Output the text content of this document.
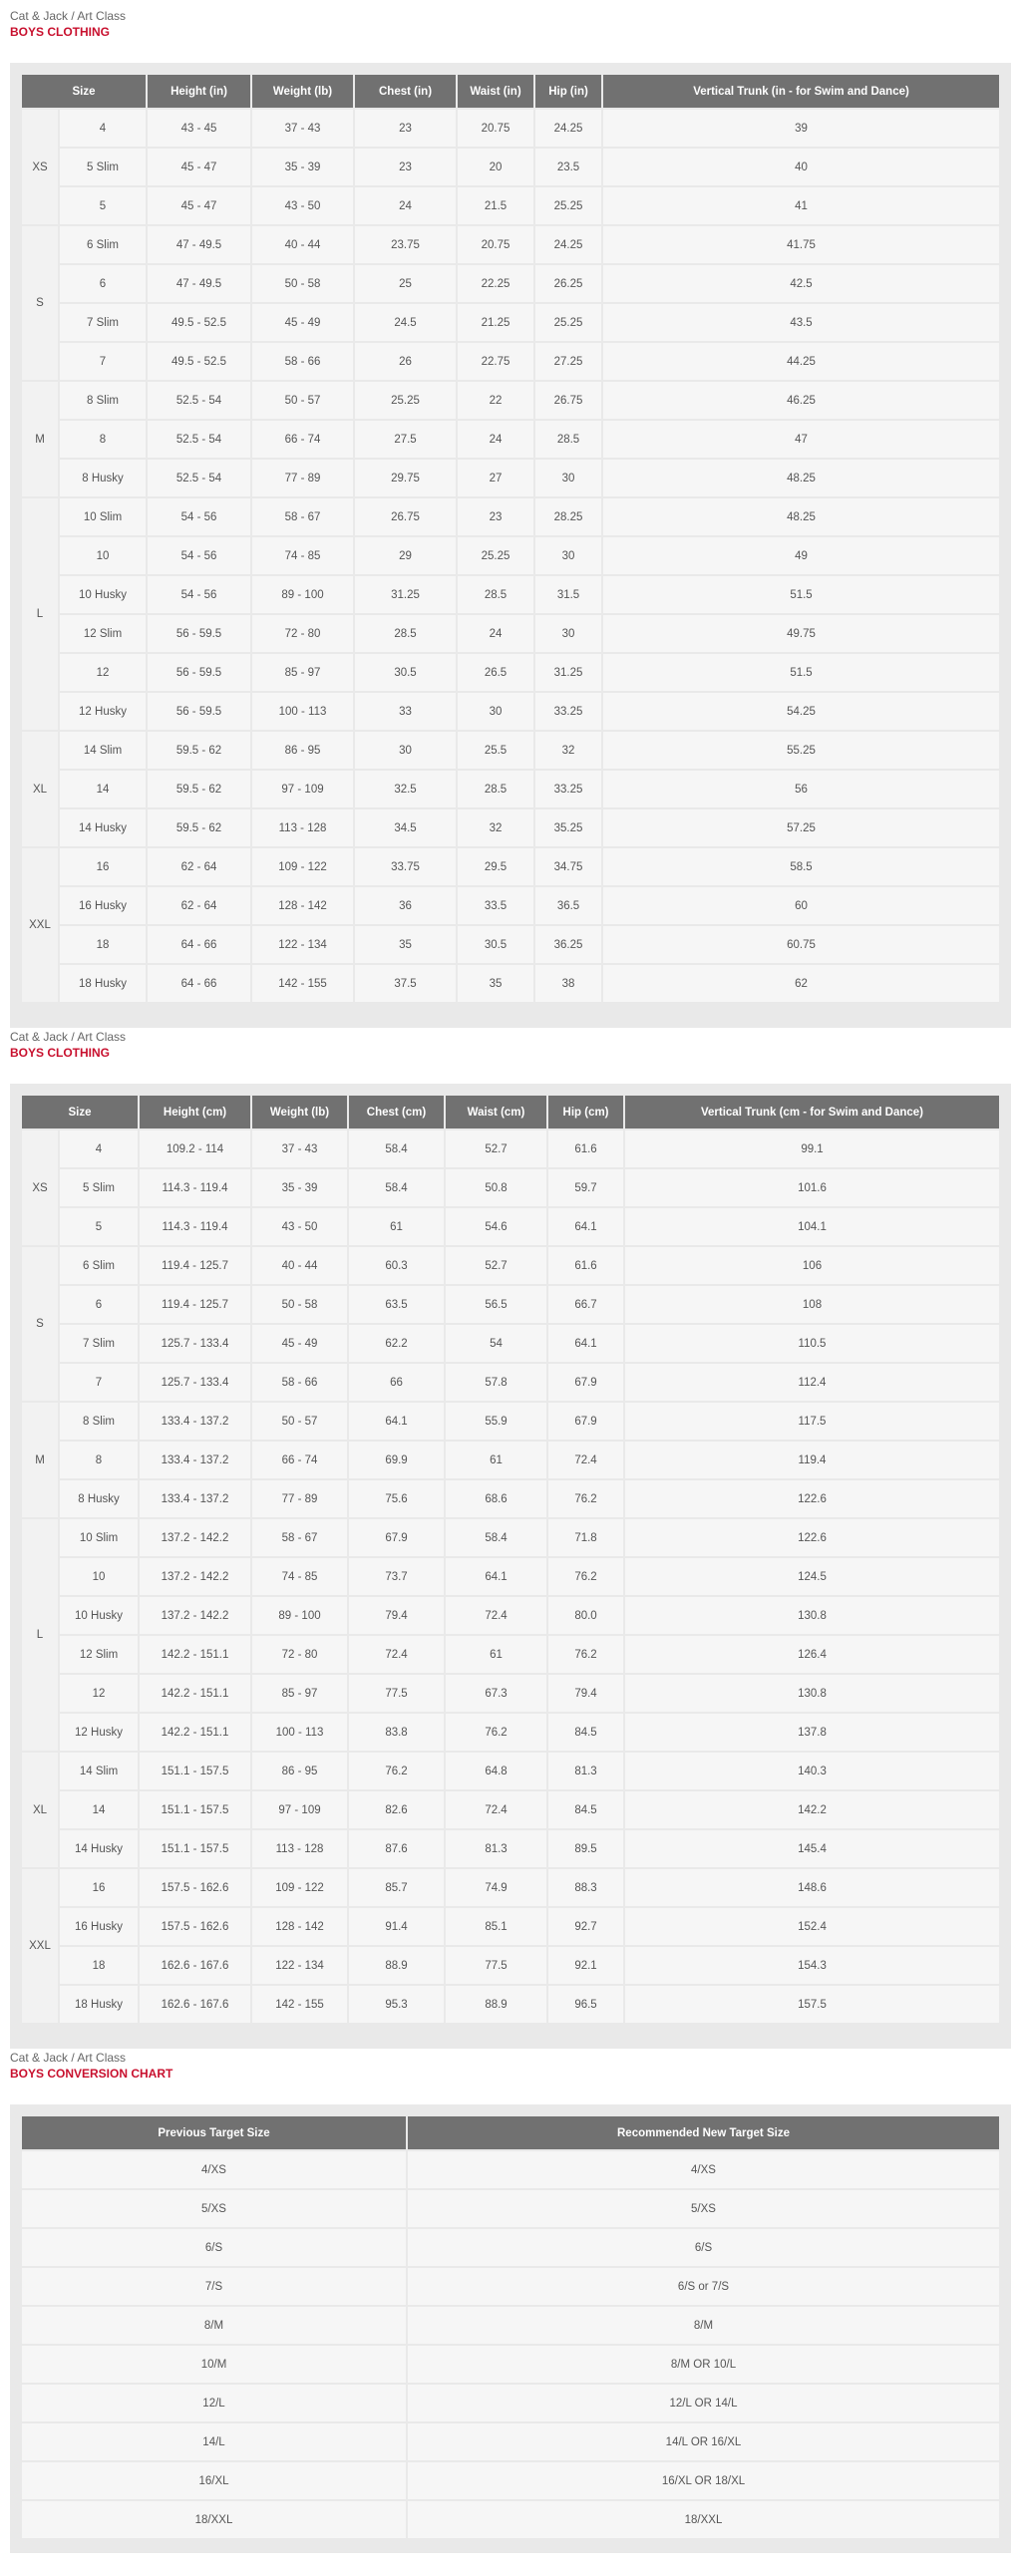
Cat & Jack / Art Class
BOYS CLOTHING
Size		Height (in)	Weight (lb)	Chest (in)	Waist (in)	Hip (in)	Vertical Trunk (in - for Swim and Dance)
XS	4	43 - 45	37 - 43	23	20.75	24.25	39
	5 Slim	45 - 47	35 - 39	23	20	23.5	40
	5	45 - 47	43 - 50	24	21.5	25.25	41
S	6 Slim	47 - 49.5	40 - 44	23.75	20.75	24.25	41.75
	6	47 - 49.5	50 - 58	25	22.25	26.25	42.5
	7 Slim	49.5 - 52.5	45 - 49	24.5	21.25	25.25	43.5
	7	49.5 - 52.5	58 - 66	26	22.75	27.25	44.25
M	8 Slim	52.5 - 54	50 - 57	25.25	22	26.75	46.25
	8	52.5 - 54	66 - 74	27.5	24	28.5	47
	8 Husky	52.5 - 54	77 - 89	29.75	27	30	48.25
L	10 Slim	54 - 56	58 - 67	26.75	23	28.25	48.25
	10	54 - 56	74 - 85	29	25.25	30	49
	10 Husky	54 - 56	89 - 100	31.25	28.5	31.5	51.5
	12 Slim	56 - 59.5	72 - 80	28.5	24	30	49.75
	12	56 - 59.5	85 - 97	30.5	26.5	31.25	51.5
	12 Husky	56 - 59.5	100 - 113	33	30	33.25	54.25
XL	14 Slim	59.5 - 62	86 - 95	30	25.5	32	55.25
	14	59.5 - 62	97 - 109	32.5	28.5	33.25	56
	14 Husky	59.5 - 62	113 - 128	34.5	32	35.25	57.25
XXL	16	62 - 64	109 - 122	33.75	29.5	34.75	58.5
	16 Husky	62 - 64	128 - 142	36	33.5	36.5	60
	18	64 - 66	122 - 134	35	30.5	36.25	60.75
	18 Husky	64 - 66	142 - 155	37.5	35	38	62
Cat & Jack / Art Class
BOYS CLOTHING
Size		Height (cm)	Weight (lb)	Chest (cm)	Waist (cm)	Hip (cm)	Vertical Trunk (cm - for Swim and Dance)
XS	4	109.2 - 114	37 - 43	58.4	52.7	61.6	99.1
	5 Slim	114.3 - 119.4	35 - 39	58.4	50.8	59.7	101.6
	5	114.3 - 119.4	43 - 50	61	54.6	64.1	104.1
S	6 Slim	119.4 - 125.7	40 - 44	60.3	52.7	61.6	106
	6	119.4 - 125.7	50 - 58	63.5	56.5	66.7	108
	7 Slim	125.7 - 133.4	45 - 49	62.2	54	64.1	110.5
	7	125.7 - 133.4	58 - 66	66	57.8	67.9	112.4
M	8 Slim	133.4 - 137.2	50 - 57	64.1	55.9	67.9	117.5
	8	133.4 - 137.2	66 - 74	69.9	61	72.4	119.4
	8 Husky	133.4 - 137.2	77 - 89	75.6	68.6	76.2	122.6
L	10 Slim	137.2 - 142.2	58 - 67	67.9	58.4	71.8	122.6
	10	137.2 - 142.2	74 - 85	73.7	64.1	76.2	124.5
	10 Husky	137.2 - 142.2	89 - 100	79.4	72.4	80.0	130.8
	12 Slim	142.2 - 151.1	72 - 80	72.4	61	76.2	126.4
	12	142.2 - 151.1	85 - 97	77.5	67.3	79.4	130.8
	12 Husky	142.2 - 151.1	100 - 113	83.8	76.2	84.5	137.8
XL	14 Slim	151.1 - 157.5	86 - 95	76.2	64.8	81.3	140.3
	14	151.1 - 157.5	97 - 109	82.6	72.4	84.5	142.2
	14 Husky	151.1 - 157.5	113 - 128	87.6	81.3	89.5	145.4
XXL	16	157.5 - 162.6	109 - 122	85.7	74.9	88.3	148.6
	16 Husky	157.5 - 162.6	128 - 142	91.4	85.1	92.7	152.4
	18	162.6 - 167.6	122 - 134	88.9	77.5	92.1	154.3
	18 Husky	162.6 - 167.6	142 - 155	95.3	88.9	96.5	157.5
Cat & Jack / Art Class
BOYS CONVERSION CHART
Previous Target Size	Recommended New Target Size
4/XS	4/XS
5/XS	5/XS
6/S	6/S
7/S	6/S or 7/S
8/M	8/M
10/M	8/M OR 10/L
12/L	12/L OR 14/L
14/L	14/L OR 16/XL
16/XL	16/XL OR 18/XL
18/XXL	18/XXL
